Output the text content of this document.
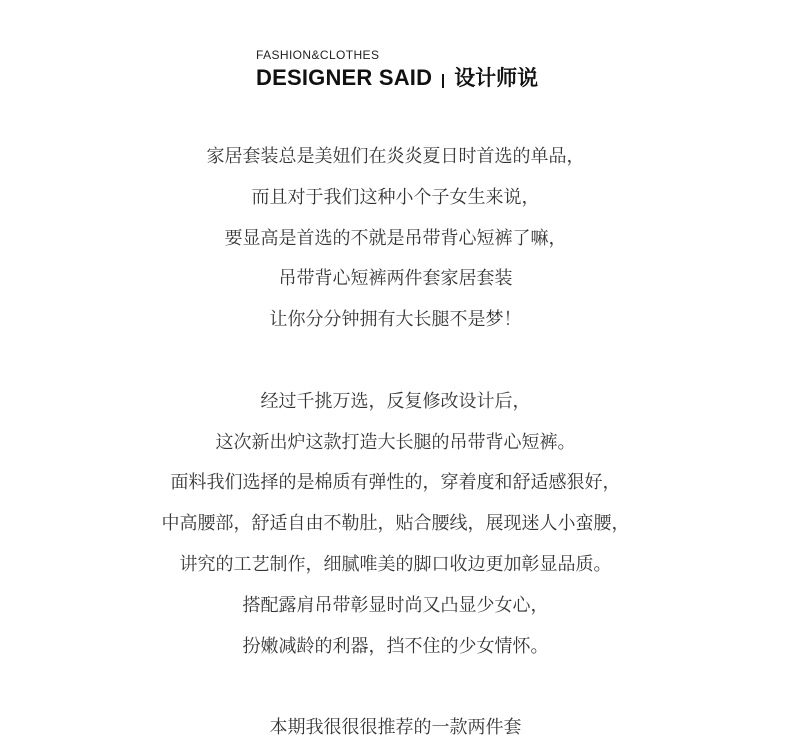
FASHION&CLOTHES
DESIGNER SAID 设计师说
家居套装总是美妞们在炎炎夏日时首选的单品，
而且对于我们这种小个子女生来说，
要显高是首选的不就是吊带背心短裤了嘛，
吊带背心短裤两件套家居套装
让你分分钟拥有大长腿不是梦！
经过千挑万选，反复修改设计后，
这次新出炉这款打造大长腿的吊带背心短裤。
面料我们选择的是棉质有弹性的，穿着度和舒适感狠好，
中高腰部，舒适自由不勒肚，贴合腰线，展现迷人小蛮腰，
讲究的工艺制作，细腻唯美的脚口收边更加彰显品质。
搭配露肩吊带彰显时尚又凸显少女心，
扮嫩减龄的利器，挡不住的少女情怀。
本期我很很很推荐的一款两件套
